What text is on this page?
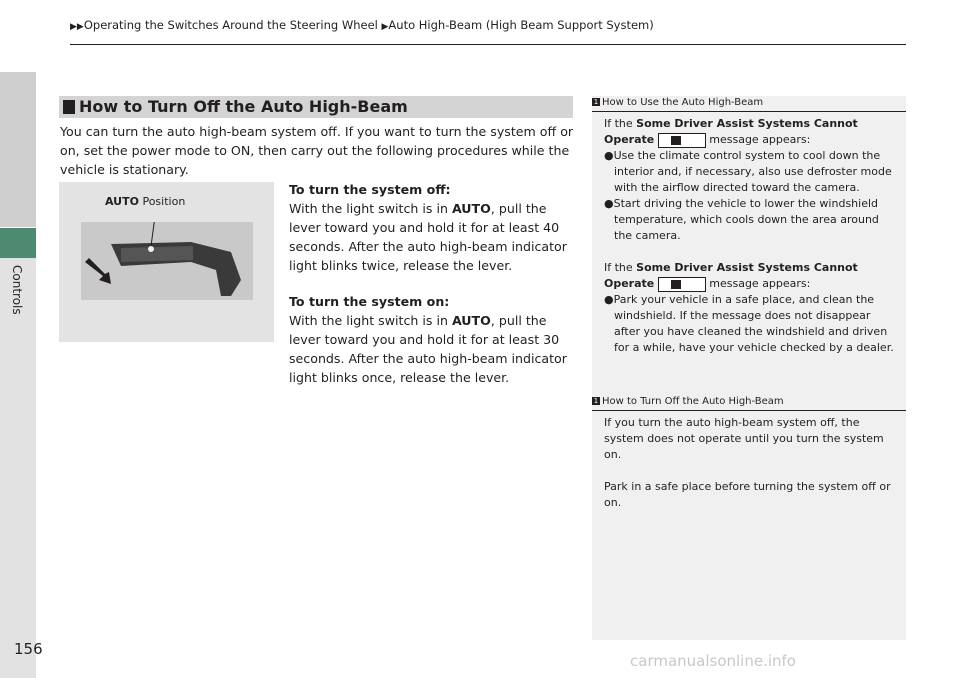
Controls
▶▶Operating the Switches Around the Steering Wheel ▶Auto High-Beam (High Beam Support System)
How to Turn Off the Auto High-Beam
You can turn the auto high-beam system off. If you want to turn the system off or on, set the power mode to ON, then carry out the following procedures while the vehicle is stationary.
AUTO Position
To turn the system off:
With the light switch is in AUTO, pull the lever toward you and hold it for at least 40 seconds. After the auto high-beam indicator light blinks twice, release the lever.
To turn the system on:
With the light switch is in AUTO, pull the lever toward you and hold it for at least 30 seconds. After the auto high-beam indicator light blinks once, release the lever.
1 How to Use the Auto High-Beam
If the Some Driver Assist Systems Cannot Operate	message appears:
●Use the climate control system to cool down the interior and, if necessary, also use defroster mode with the airflow directed toward the camera.
●Start driving the vehicle to lower the windshield temperature, which cools down the area around the camera.
If the Some Driver Assist Systems Cannot Operate	message appears:
●Park your vehicle in a safe place, and clean the windshield. If the message does not disappear after you have cleaned the windshield and driven for a while, have your vehicle checked by a dealer.
1 How to Turn Off the Auto High-Beam
If you turn the auto high-beam system off, the system does not operate until you turn the system on.
Park in a safe place before turning the system off or on.
156
carmanualsonline.info
